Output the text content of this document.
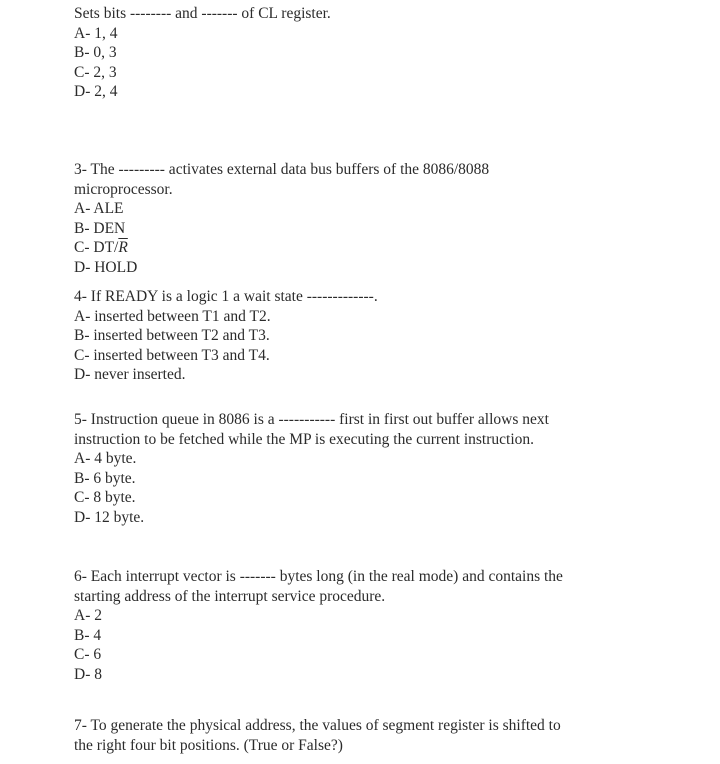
Sets bits -------- and ------- of CL register.
A- 1, 4
B- 0, 3
C- 2, 3
D- 2, 4
3- The --------- activates external data bus buffers of the 8086/8088
microprocessor.
A- ALE
B- DEN
C- $DT/\overline{R}$
D- HOLD
4- If READY is a logic 1 a wait state -------------.
A- inserted between T1 and T2.
B- inserted between T2 and T3.
C- inserted between T3 and T4.
D- never inserted.
5- Instruction queue in 8086 is a ----------- first in first out buffer allows next
instruction to be fetched while the MP is executing the current instruction.
A- 4 byte.
B- 6 byte.
C- 8 byte.
D- 12 byte.
6- Each interrupt vector is ------- bytes long (in the real mode) and contains the
starting address of the interrupt service procedure.
A- 2
B- 4
C- 6
D- 8
7- To generate the physical address, the values of segment register is shifted to
the right four bit positions. (True or False?)
